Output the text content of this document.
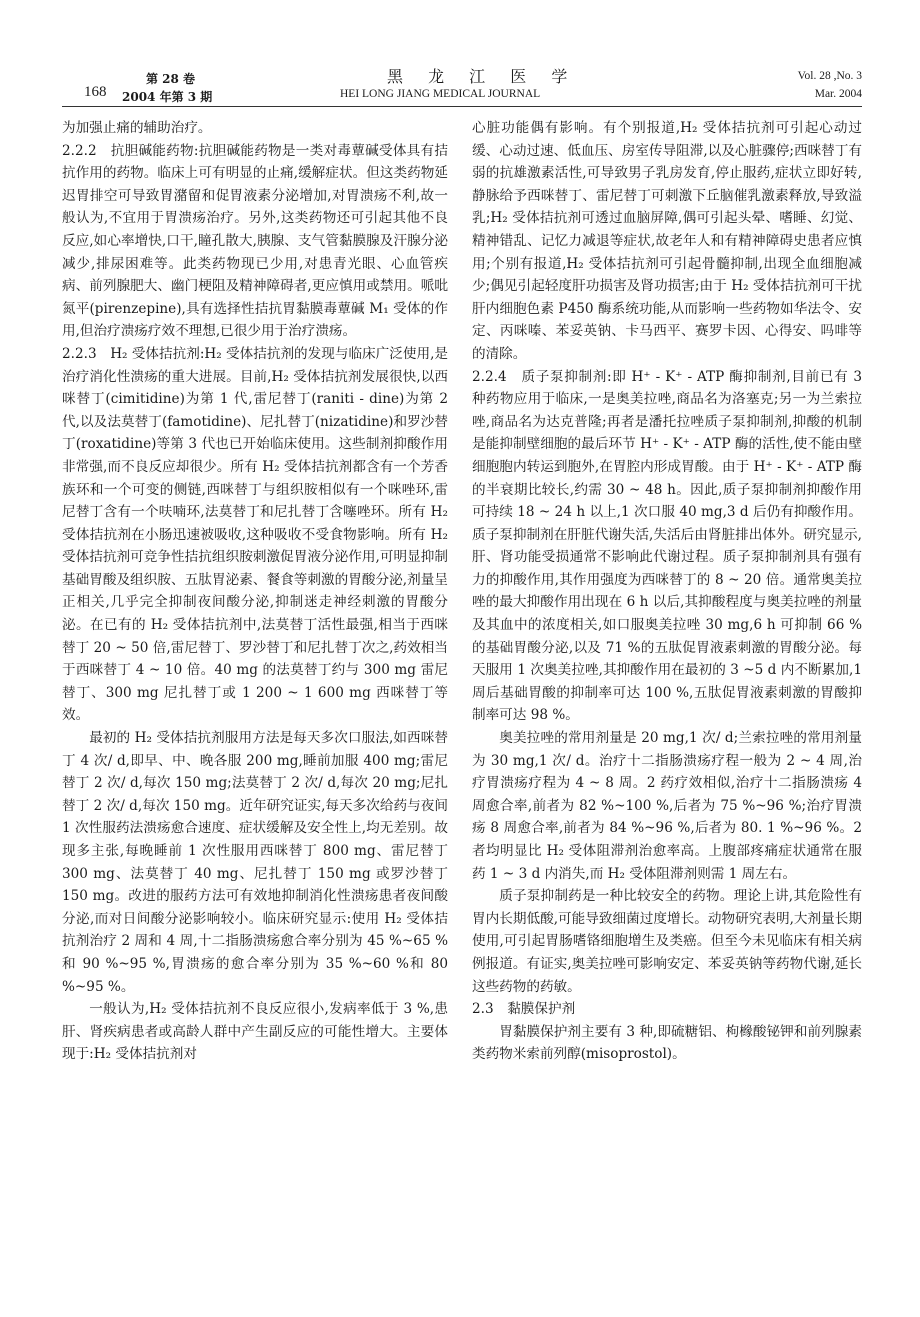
168
第 28 卷
2004 年第 3 期
黑 龙 江 医 学
HEI LONG JIANG MEDICAL JOURNAL
Vol. 28 ,No. 3
Mar. 2004

为加强止痛的辅助治疗。

2.2.2　抗胆碱能药物:抗胆碱能药物是一类对毒蕈碱受体具有拮抗作用的药物。临床上可有明显的止痛,缓解症状。但这类药物延迟胃排空可导致胃潴留和促胃液素分泌增加,对胃溃疡不利,故一般认为,不宜用于胃溃疡治疗。另外,这类药物还可引起其他不良反应,如心率增快,口干,瞳孔散大,胰腺、支气管黏膜腺及汗腺分泌减少,排尿困难等。此类药物现已少用,对患青光眼、心血管疾病、前列腺肥大、幽门梗阻及精神障碍者,更应慎用或禁用。哌吡氮平(pirenzepine),具有选择性拮抗胃黏膜毒蕈碱 M₁ 受体的作用,但治疗溃疡疗效不理想,已很少用于治疗溃疡。

2.2.3　H₂ 受体拮抗剂:H₂ 受体拮抗剂的发现与临床广泛使用,是治疗消化性溃疡的重大进展。目前,H₂ 受体拮抗剂发展很快,以西咪替丁(cimitidine)为第 1 代,雷尼替丁(raniti - dine)为第 2 代,以及法莫替丁(famotidine)、尼扎替丁(nizatidine)和罗沙替丁(roxatidine)等第 3 代也已开始临床使用。这些制剂抑酸作用非常强,而不良反应却很少。所有 H₂ 受体拮抗剂都含有一个芳香族环和一个可变的侧链,西咪替丁与组织胺相似有一个咪唑环,雷尼替丁含有一个呋喃环,法莫替丁和尼扎替丁含噻唑环。所有 H₂ 受体拮抗剂在小肠迅速被吸收,这种吸收不受食物影响。所有 H₂ 受体拮抗剂可竞争性拮抗组织胺刺激促胃液分泌作用,可明显抑制基础胃酸及组织胺、五肽胃泌素、餐食等刺激的胃酸分泌,剂量呈正相关,几乎完全抑制夜间酸分泌,抑制迷走神经刺激的胃酸分泌。在已有的 H₂ 受体拮抗剂中,法莫替丁活性最强,相当于西咪替丁 20 ~ 50 倍,雷尼替丁、罗沙替丁和尼扎替丁次之,药效相当于西咪替丁 4 ~ 10 倍。40 mg 的法莫替丁约与 300 mg 雷尼替丁、300 mg 尼扎替丁或 1 200 ~ 1 600 mg 西咪替丁等效。

最初的 H₂ 受体拮抗剂服用方法是每天多次口服法,如西咪替丁 4 次/ d,即早、中、晚各服 200 mg,睡前加服 400 mg;雷尼替丁 2 次/ d,每次 150 mg;法莫替丁 2 次/ d,每次 20 mg;尼扎替丁 2 次/ d,每次 150 mg。近年研究证实,每天多次给药与夜间 1 次性服药法溃疡愈合速度、症状缓解及安全性上,均无差别。故现多主张,每晚睡前 1 次性服用西咪替丁 800 mg、雷尼替丁 300 mg、法莫替丁 40 mg、尼扎替丁 150 mg 或罗沙替丁 150 mg。改进的服药方法可有效地抑制消化性溃疡患者夜间酸分泌,而对日间酸分泌影响较小。临床研究显示:使用 H₂ 受体拮抗剂治疗 2 周和 4 周,十二指肠溃疡愈合率分别为 45 %~65 %和 90 %~95 %,胃溃疡的愈合率分别为 35 %~60 %和 80 %~95 %。

一般认为,H₂ 受体拮抗剂不良反应很小,发病率低于 3 %,患肝、肾疾病患者或高龄人群中产生副反应的可能性增大。主要体现于:H₂ 受体拮抗剂对

心脏功能偶有影响。有个别报道,H₂ 受体拮抗剂可引起心动过缓、心动过速、低血压、房室传导阻滞,以及心脏骤停;西咪替丁有弱的抗雄激素活性,可导致男子乳房发育,停止服药,症状立即好转,静脉给予西咪替丁、雷尼替丁可刺激下丘脑催乳激素释放,导致溢乳;H₂ 受体拮抗剂可透过血脑屏障,偶可引起头晕、嗜睡、幻觉、精神错乱、记忆力减退等症状,故老年人和有精神障碍史患者应慎用;个别有报道,H₂ 受体拮抗剂可引起骨髓抑制,出现全血细胞减少;偶见引起轻度肝功损害及肾功损害;由于 H₂ 受体拮抗剂可干扰肝内细胞色素 P450 酶系统功能,从而影响一些药物如华法令、安定、丙咪嗪、苯妥英钠、卡马西平、赛罗卡因、心得安、吗啡等的清除。

2.2.4　质子泵抑制剂:即 H⁺ - K⁺ - ATP 酶抑制剂,目前已有 3 种药物应用于临床,一是奥美拉唑,商品名为洛塞克;另一为兰索拉唑,商品名为达克普隆;再者是潘托拉唑质子泵抑制剂,抑酸的机制是能抑制壁细胞的最后环节 H⁺ - K⁺ - ATP 酶的活性,使不能由壁细胞胞内转运到胞外,在胃腔内形成胃酸。由于 H⁺ - K⁺ - ATP 酶的半衰期比较长,约需 30 ~ 48 h。因此,质子泵抑制剂抑酸作用可持续 18 ~ 24 h 以上,1 次口服 40 mg,3 d 后仍有抑酸作用。质子泵抑制剂在肝脏代谢失活,失活后由肾脏排出体外。研究显示,肝、肾功能受损通常不影响此代谢过程。质子泵抑制剂具有强有力的抑酸作用,其作用强度为西咪替丁的 8 ~ 20 倍。通常奥美拉唑的最大抑酸作用出现在 6 h 以后,其抑酸程度与奥美拉唑的剂量及其血中的浓度相关,如口服奥美拉唑 30 mg,6 h 可抑制 66 %的基础胃酸分泌,以及 71 %的五肽促胃液素刺激的胃酸分泌。每天服用 1 次奥美拉唑,其抑酸作用在最初的 3 ~5 d 内不断累加,1 周后基础胃酸的抑制率可达 100 %,五肽促胃液素刺激的胃酸抑制率可达 98 %。

奥美拉唑的常用剂量是 20 mg,1 次/ d;兰索拉唑的常用剂量为 30 mg,1 次/ d。治疗十二指肠溃疡疗程一般为 2 ~ 4 周,治疗胃溃疡疗程为 4 ~ 8 周。2 药疗效相似,治疗十二指肠溃疡 4 周愈合率,前者为 82 %~100 %,后者为 75 %~96 %;治疗胃溃疡 8 周愈合率,前者为 84 %~96 %,后者为 80. 1 %~96 %。2 者均明显比 H₂ 受体阻滞剂治愈率高。上腹部疼痛症状通常在服药 1 ~ 3 d 内消失,而 H₂ 受体阻滞剂则需 1 周左右。

质子泵抑制药是一种比较安全的药物。理论上讲,其危险性有胃内长期低酸,可能导致细菌过度增长。动物研究表明,大剂量长期使用,可引起胃肠嗜铬细胞增生及类癌。但至今未见临床有相关病例报道。有证实,奥美拉唑可影响安定、苯妥英钠等药物代谢,延长这些药物的药敏。

2.3　黏膜保护剂

胃黏膜保护剂主要有 3 种,即硫糖铝、枸橼酸铋钾和前列腺素类药物米索前列醇(misoprostol)。
